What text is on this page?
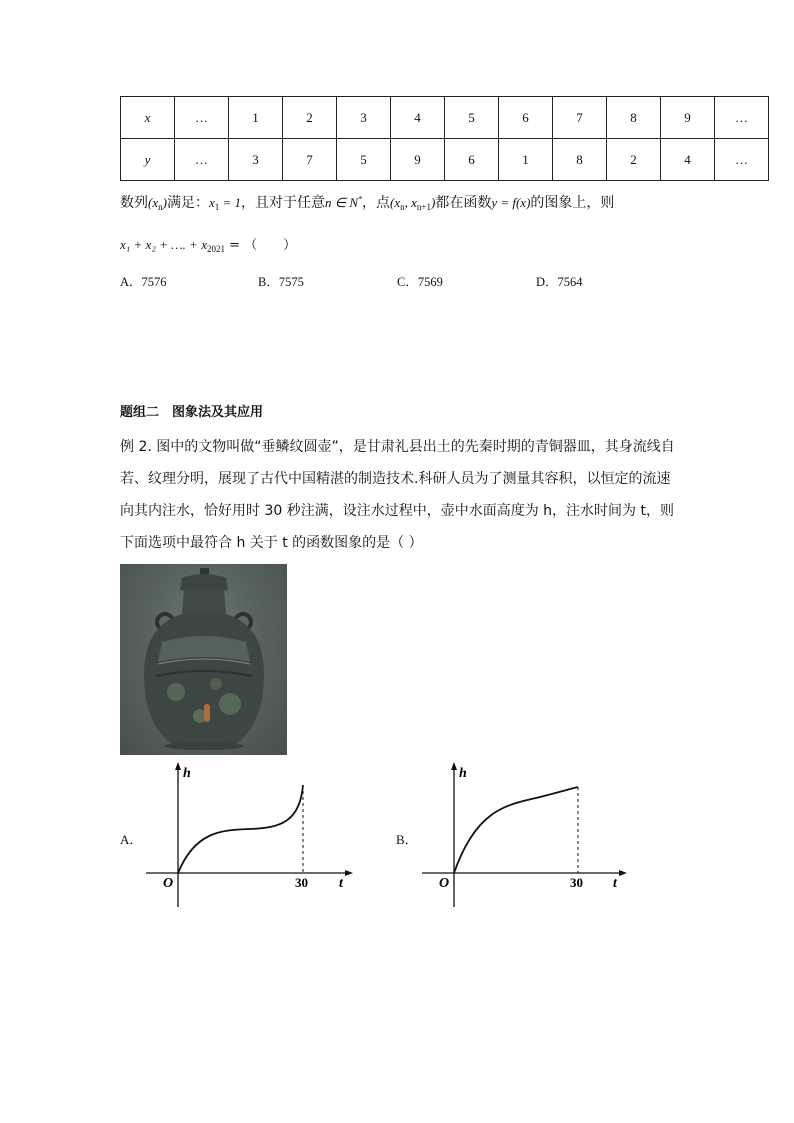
x	…	1	2	3	4	5	6	7	8	9	…
y	…	3	7	5	9	6	1	8	2	4	…
数列$(x_n)$满足：$x_1 = 1$，且对于任意n ∈ N*，点($x_n$, $x_{n+1}$)都在函数y = f(x)的图象上，则
x₁ + x₂ + …. + $x_{2021}$ = （　　）
A．7576	B．7575	C．7569	D．7564
题组二　图象法及其应用
例 2. 图中的文物叫做“垂鳞纹圆壶”，是甘肃礼县出土的先秦时期的青铜器皿，其身流线自
若、纹理分明，展现了古代中国精湛的制造技术.科研人员为了测量其容积，以恒定的流速
向其内注水，恰好用时 30 秒注满，设注水过程中，壶中水面高度为 h，注水时间为 t，则
下面选项中最符合 h 关于 t 的函数图象的是（ ）
A．
h
t
O	30
B．
h
t
O	30
